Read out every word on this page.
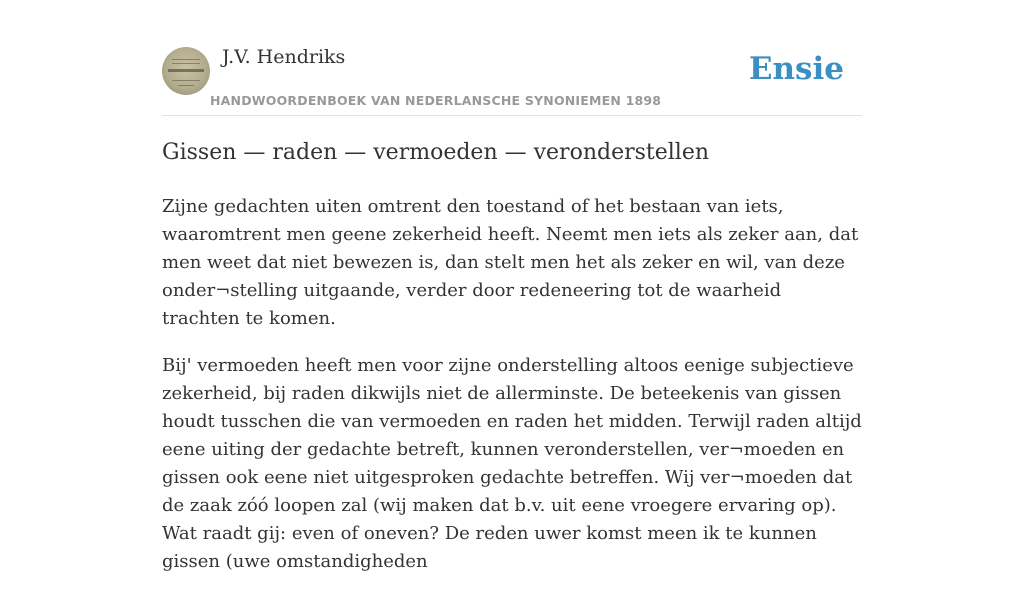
J.V. Hendriks
HANDWOORDENBOEK VAN NEDERLANSCHE SYNONIEMEN 1898
Ensie
Gissen — raden — vermoeden — veronderstellen

Zijne gedachten uiten omtrent den toestand of het bestaan van iets, waaromtrent men geene zekerheid heeft. Neemt men iets als zeker aan, dat men weet dat niet bewezen is, dan stelt men het als zeker en wil, van deze onder¬stelling uitgaande, verder door redeneering tot de waarheid trachten te komen.

Bij' vermoeden heeft men voor zijne onderstelling altoos eenige subjectieve zekerheid, bij raden dikwijls niet de allerminste. De beteekenis van gissen houdt tusschen die van vermoeden en raden het midden. Terwijl raden altijd eene uiting der gedachte betreft, kunnen veronderstellen, ver¬moeden en gissen ook eene niet uitgesproken gedachte betreffen. Wij ver¬moeden dat de zaak zóó loopen zal (wij maken dat b.v. uit eene vroegere ervaring op). Wat raadt gij: even of oneven? De reden uwer komst meen ik te kunnen gissen (uwe omstandigheden
